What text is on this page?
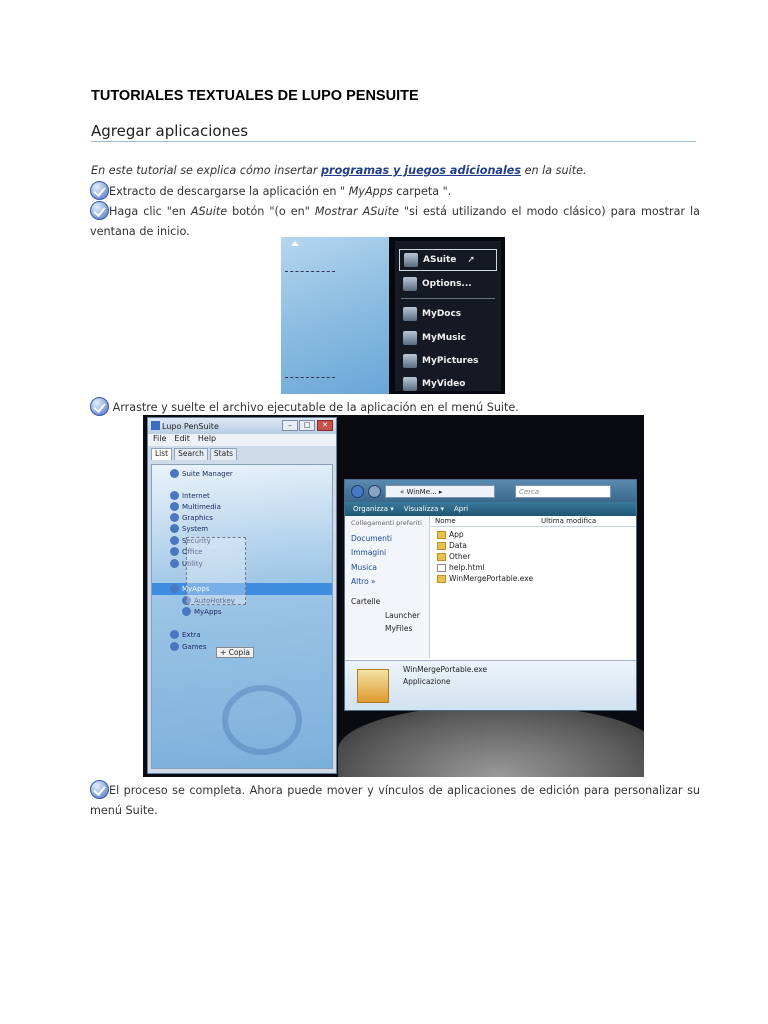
TUTORIALES TEXTUALES DE LUPO PENSUITE
Agregar aplicaciones
En este tutorial se explica cómo insertar programas y juegos adicionales en la suite.
Extracto de descargarse la aplicación en " MyApps carpeta ".
Haga clic "en ASuite botón "(o en" Mostrar ASuite "si está utilizando el modo clásico) para mostrar la ventana de inicio.
ASuite ➚
Options...
MyDocs
MyMusic
MyPictures
MyVideo
Arrastre y suelte el archivo ejecutable de la aplicación en el menú Suite.
Lupo PenSuite	–	□	✕
File Edit Help
List	Search	Stats
Suite Manager
Internet
Multimedia
Graphics
System
Security
Office
Utility
MyApps
AutoHotkey
MyApps
Extra
Games
+ Copia
« WinMe... ▸	Cerca
Organizza ▾ Visualizza ▾ Apri
Collegamenti preferiti
Documenti
Immagini
Musica
Altro »
Cartelle
Launcher
MyFiles
Nome	Ultima modifica
App
Data
Other
help.html
WinMergePortable.exe
WinMergePortable.exe
Applicazione
El proceso se completa. Ahora puede mover y vínculos de aplicaciones de edición para personalizar su menú Suite.
